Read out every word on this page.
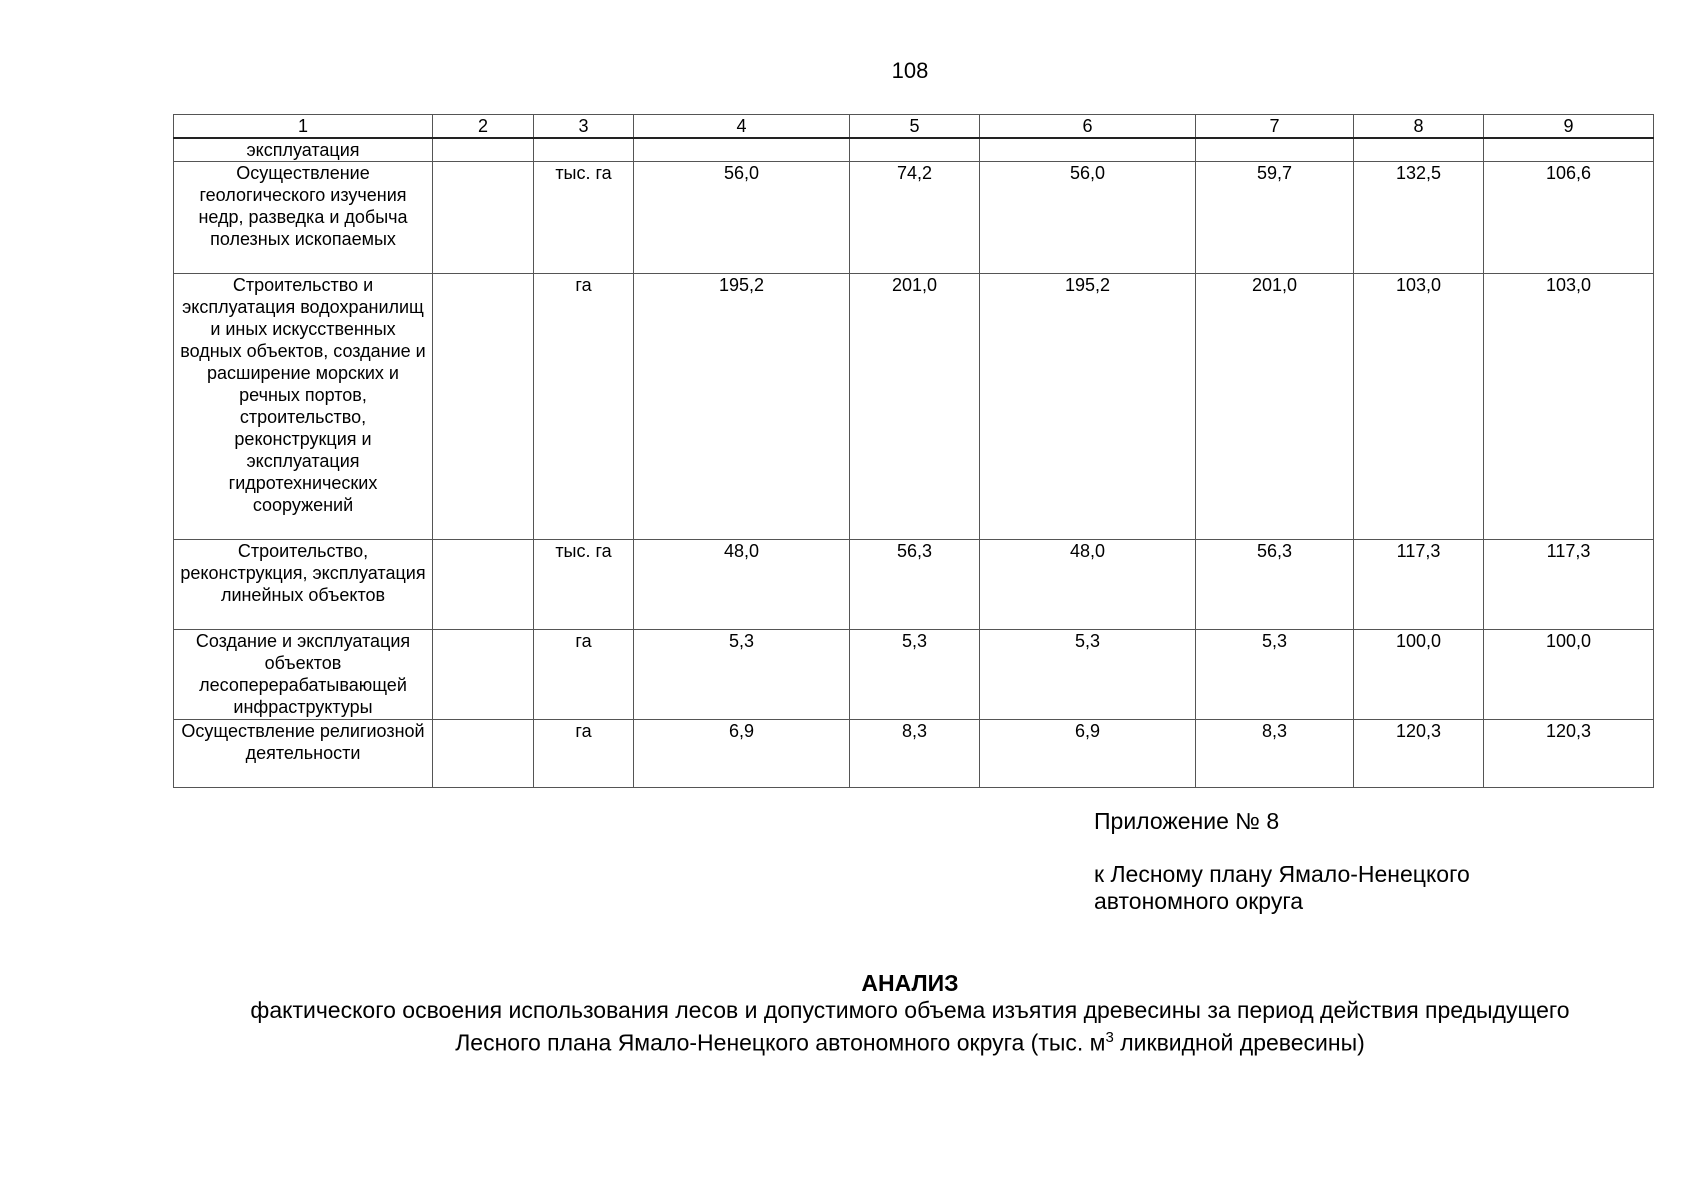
108
1	2	3	4	5	6	7	8	9
эксплуатация								
Осуществление геологического изучения недр, разведка и добыча полезных ископаемых		тыс. га	56,0	74,2	56,0	59,7	132,5	106,6
Строительство и эксплуатация водохранилищ и иных искусственных водных объектов, создание и расширение морских и речных портов, строительство, реконструкция и эксплуатация гидротехнических сооружений		га	195,2	201,0	195,2	201,0	103,0	103,0
Строительство, реконструкция, эксплуатация линейных объектов		тыс. га	48,0	56,3	48,0	56,3	117,3	117,3
Создание и эксплуатация объектов лесоперерабатывающей инфраструктуры		га	5,3	5,3	5,3	5,3	100,0	100,0
Осуществление религиозной деятельности		га	6,9	8,3	6,9	8,3	120,3	120,3
Приложение № 8
к Лесному плану Ямало-Ненецкого
автономного округа
АНАЛИЗ
фактического освоения использования лесов и допустимого объема изъятия древесины за период действия предыдущего
Лесного плана Ямало-Ненецкого автономного округа (тыс. $м^3$ ликвидной древесины)
